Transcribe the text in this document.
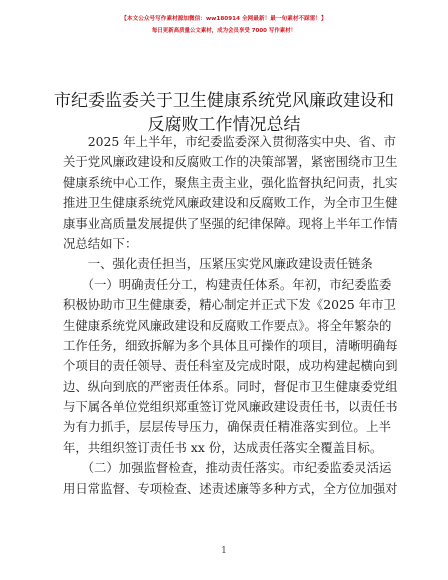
【本文公众号写作素材源加微信：ww180914 全网最新！最一旬素材不踩雷！】
每日更新高质量公文素材，成为会员享受 7000 写作素材！
市纪委监委关于卫生健康系统党风廉政建设和
反腐败工作情况总结
　　2025 年上半年，市纪委监委深入贯彻落实中央、省、市
关于党风廉政建设和反腐败工作的决策部署，紧密围绕市卫生
健康系统中心工作，聚焦主责主业，强化监督执纪问责，扎实
推进卫生健康系统党风廉政建设和反腐败工作，为全市卫生健
康事业高质量发展提供了坚强的纪律保障。现将上半年工作情
况总结如下：
　　一、强化责任担当，压紧压实党风廉政建设责任链条
　　（一）明确责任分工，构建责任体系。年初，市纪委监委
积极协助市卫生健康委，精心制定并正式下发《2025 年市卫
生健康系统党风廉政建设和反腐败工作要点》。将全年繁杂的
工作任务，细致拆解为多个具体且可操作的项目，清晰明确每
个项目的责任领导、责任科室及完成时限，成功构建起横向到
边、纵向到底的严密责任体系。同时，督促市卫生健康委党组
与下属各单位党组织郑重签订党风廉政建设责任书，以责任书
为有力抓手，层层传导压力，确保责任精准落实到位。上半
年，共组织签订责任书 xx 份，达成责任落实全覆盖目标。
　　（二）加强监督检查，推动责任落实。市纪委监委灵活运
用日常监督、专项检查、述责述廉等多种方式，全方位加强对
1
